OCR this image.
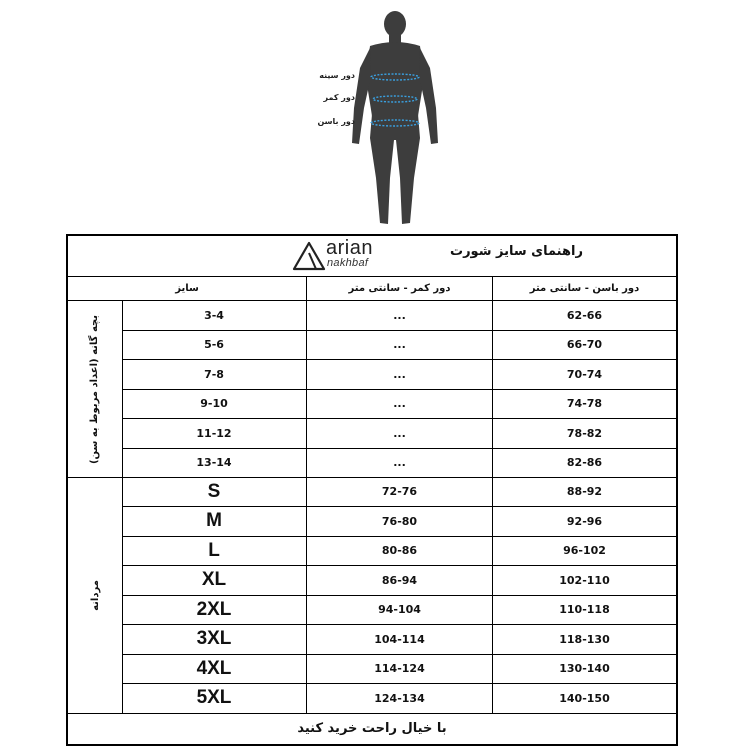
دور سینه
دور کمر
دور باسن
arian
nakhbaf
راهنمای سایز شورت
سایز	دور کمر - سانتی متر	دور باسن - سانتی متر
بچه گانه (اعداد مربوط به سن)
مردانه
3-4	...	62-66
5-6	...	66-70
7-8	...	70-74
9-10	...	74-78
11-12	...	78-82
13-14	...	82-86
S	72-76	88-92
M	76-80	92-96
L	80-86	96-102
XL	86-94	102-110
2XL	94-104	110-118
3XL	104-114	118-130
4XL	114-124	130-140
5XL	124-134	140-150
با خیال راحت خرید کنید
